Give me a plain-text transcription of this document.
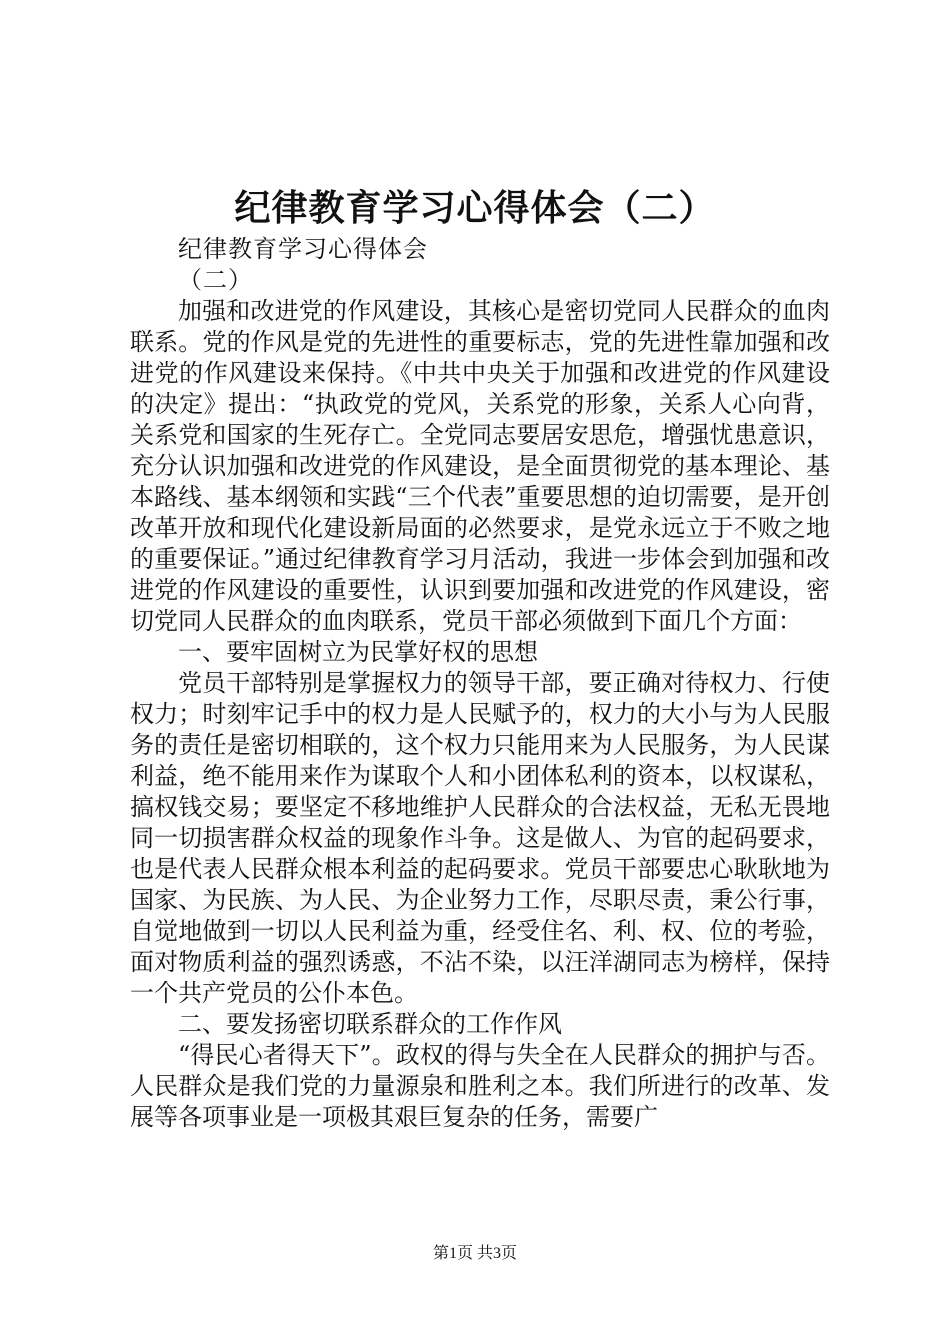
纪律教育学习心得体会（二）

纪律教育学习心得体会

（二）

加强和改进党的作风建设，其核心是密切党同人民群众的血肉联系。党的作风是党的先进性的重要标志，党的先进性靠加强和改进党的作风建设来保持。《中共中央关于加强和改进党的作风建设的决定》提出：“执政党的党风，关系党的形象，关系人心向背，关系党和国家的生死存亡。全党同志要居安思危，增强忧患意识，充分认识加强和改进党的作风建设，是全面贯彻党的基本理论、基本路线、基本纲领和实践“三个代表”重要思想的迫切需要，是开创改革开放和现代化建设新局面的必然要求，是党永远立于不败之地的重要保证。”通过纪律教育学习月活动，我进一步体会到加强和改进党的作风建设的重要性，认识到要加强和改进党的作风建设，密切党同人民群众的血肉联系，党员干部必须做到下面几个方面：

一、要牢固树立为民掌好权的思想

党员干部特别是掌握权力的领导干部，要正确对待权力、行使权力；时刻牢记手中的权力是人民赋予的，权力的大小与为人民服务的责任是密切相联的，这个权力只能用来为人民服务，为人民谋利益，绝不能用来作为谋取个人和小团体私利的资本，以权谋私，搞权钱交易；要坚定不移地维护人民群众的合法权益，无私无畏地同一切损害群众权益的现象作斗争。这是做人、为官的起码要求，也是代表人民群众根本利益的起码要求。党员干部要忠心耿耿地为国家、为民族、为人民、为企业努力工作，尽职尽责，秉公行事，自觉地做到一切以人民利益为重，经受住名、利、权、位的考验，面对物质利益的强烈诱惑，不沾不染，以汪洋湖同志为榜样，保持一个共产党员的公仆本色。

二、要发扬密切联系群众的工作作风

“得民心者得天下”。政权的得与失全在人民群众的拥护与否。人民群众是我们党的力量源泉和胜利之本。我们所进行的改革、发展等各项事业是一项极其艰巨复杂的任务，需要广

第1页 共3页
